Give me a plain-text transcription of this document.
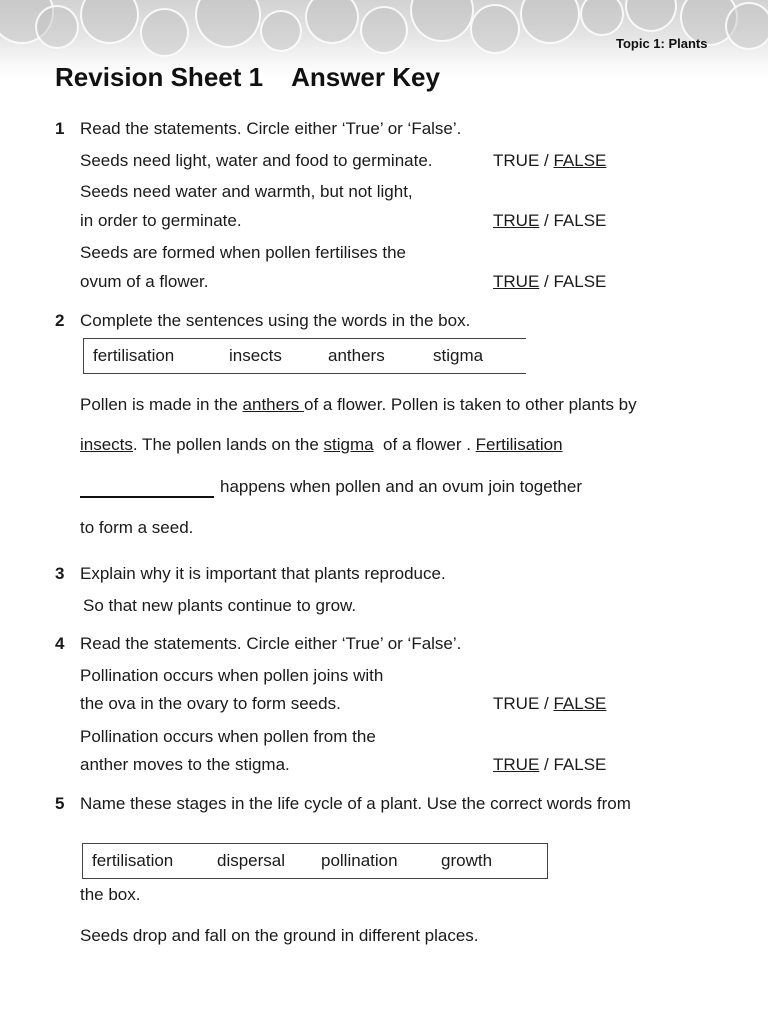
Topic 1: Plants
Revision Sheet 1 Answer Key
1 Read the statements. Circle either ‘True’ or ‘False’.
Seeds need light, water and food to germinate.	TRUE / FALSE
Seeds need water and warmth, but not light,
in order to germinate.	TRUE / FALSE
Seeds are formed when pollen fertilises the
ovum of a flower.	TRUE / FALSE
2 Complete the sentences using the words in the box.
fertilisation	insects	anthers	stigma
Pollen is made in the anthers of a flower. Pollen is taken to other plants by
insects. The pollen lands on the stigma  of a flower . Fertilisation
happens when pollen and an ovum join together
to form a seed.
3 Explain why it is important that plants reproduce.
So that new plants continue to grow.
4 Read the statements. Circle either ‘True’ or ‘False’.
Pollination occurs when pollen joins with
the ova in the ovary to form seeds.	TRUE / FALSE
Pollination occurs when pollen from the
anther moves to the stigma.	TRUE / FALSE
5 Name these stages in the life cycle of a plant. Use the correct words from
fertilisation	dispersal pollination	growth
the box.
Seeds drop and fall on the ground in different places.
